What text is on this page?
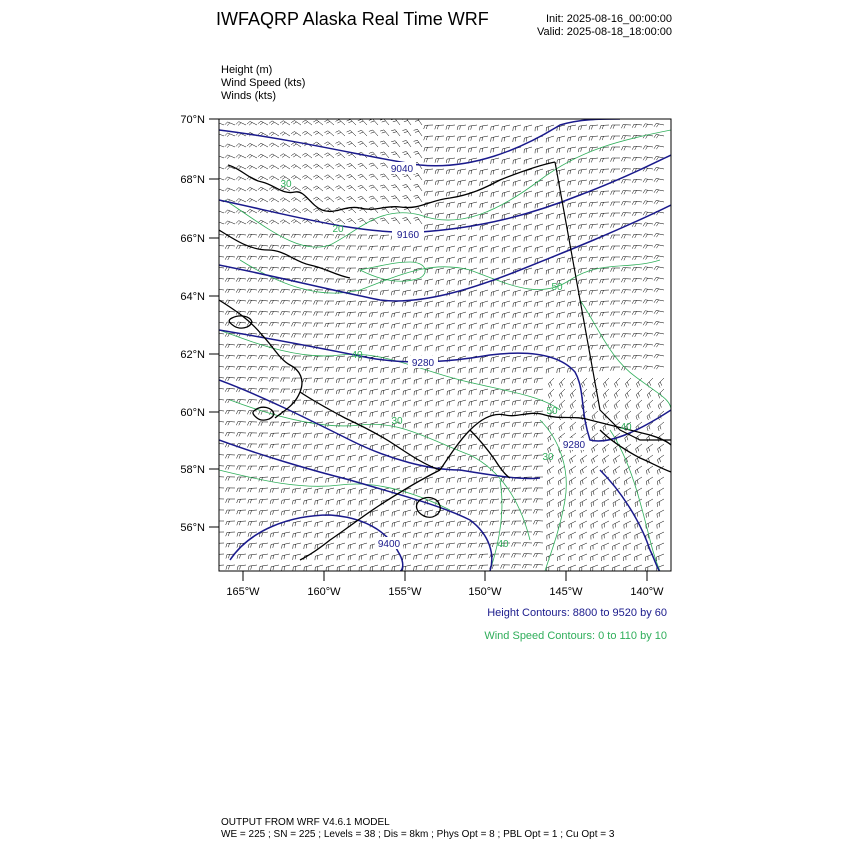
IWFAQRP Alaska Real Time WRF	Init: 2025-08-16_00:00:00
Valid: 2025-08-18_18:00:00
Height (m)
Wind Speed (kts)
Winds (kts)
70°N
68°N
66°N
64°N
62°N
60°N
58°N
56°N
165°W	160°W	155°W	150°W	145°W	140°W
9040
9160
9280
9280
9400
30
20
50
40
50
30
30
40
40
Height Contours: 8800 to 9520 by 60
Wind Speed Contours: 0 to 110 by 10
OUTPUT FROM WRF V4.6.1 MODEL
WE = 225 ; SN = 225 ; Levels = 38 ; Dis = 8km ; Phys Opt = 8 ; PBL Opt = 1 ; Cu Opt = 3
